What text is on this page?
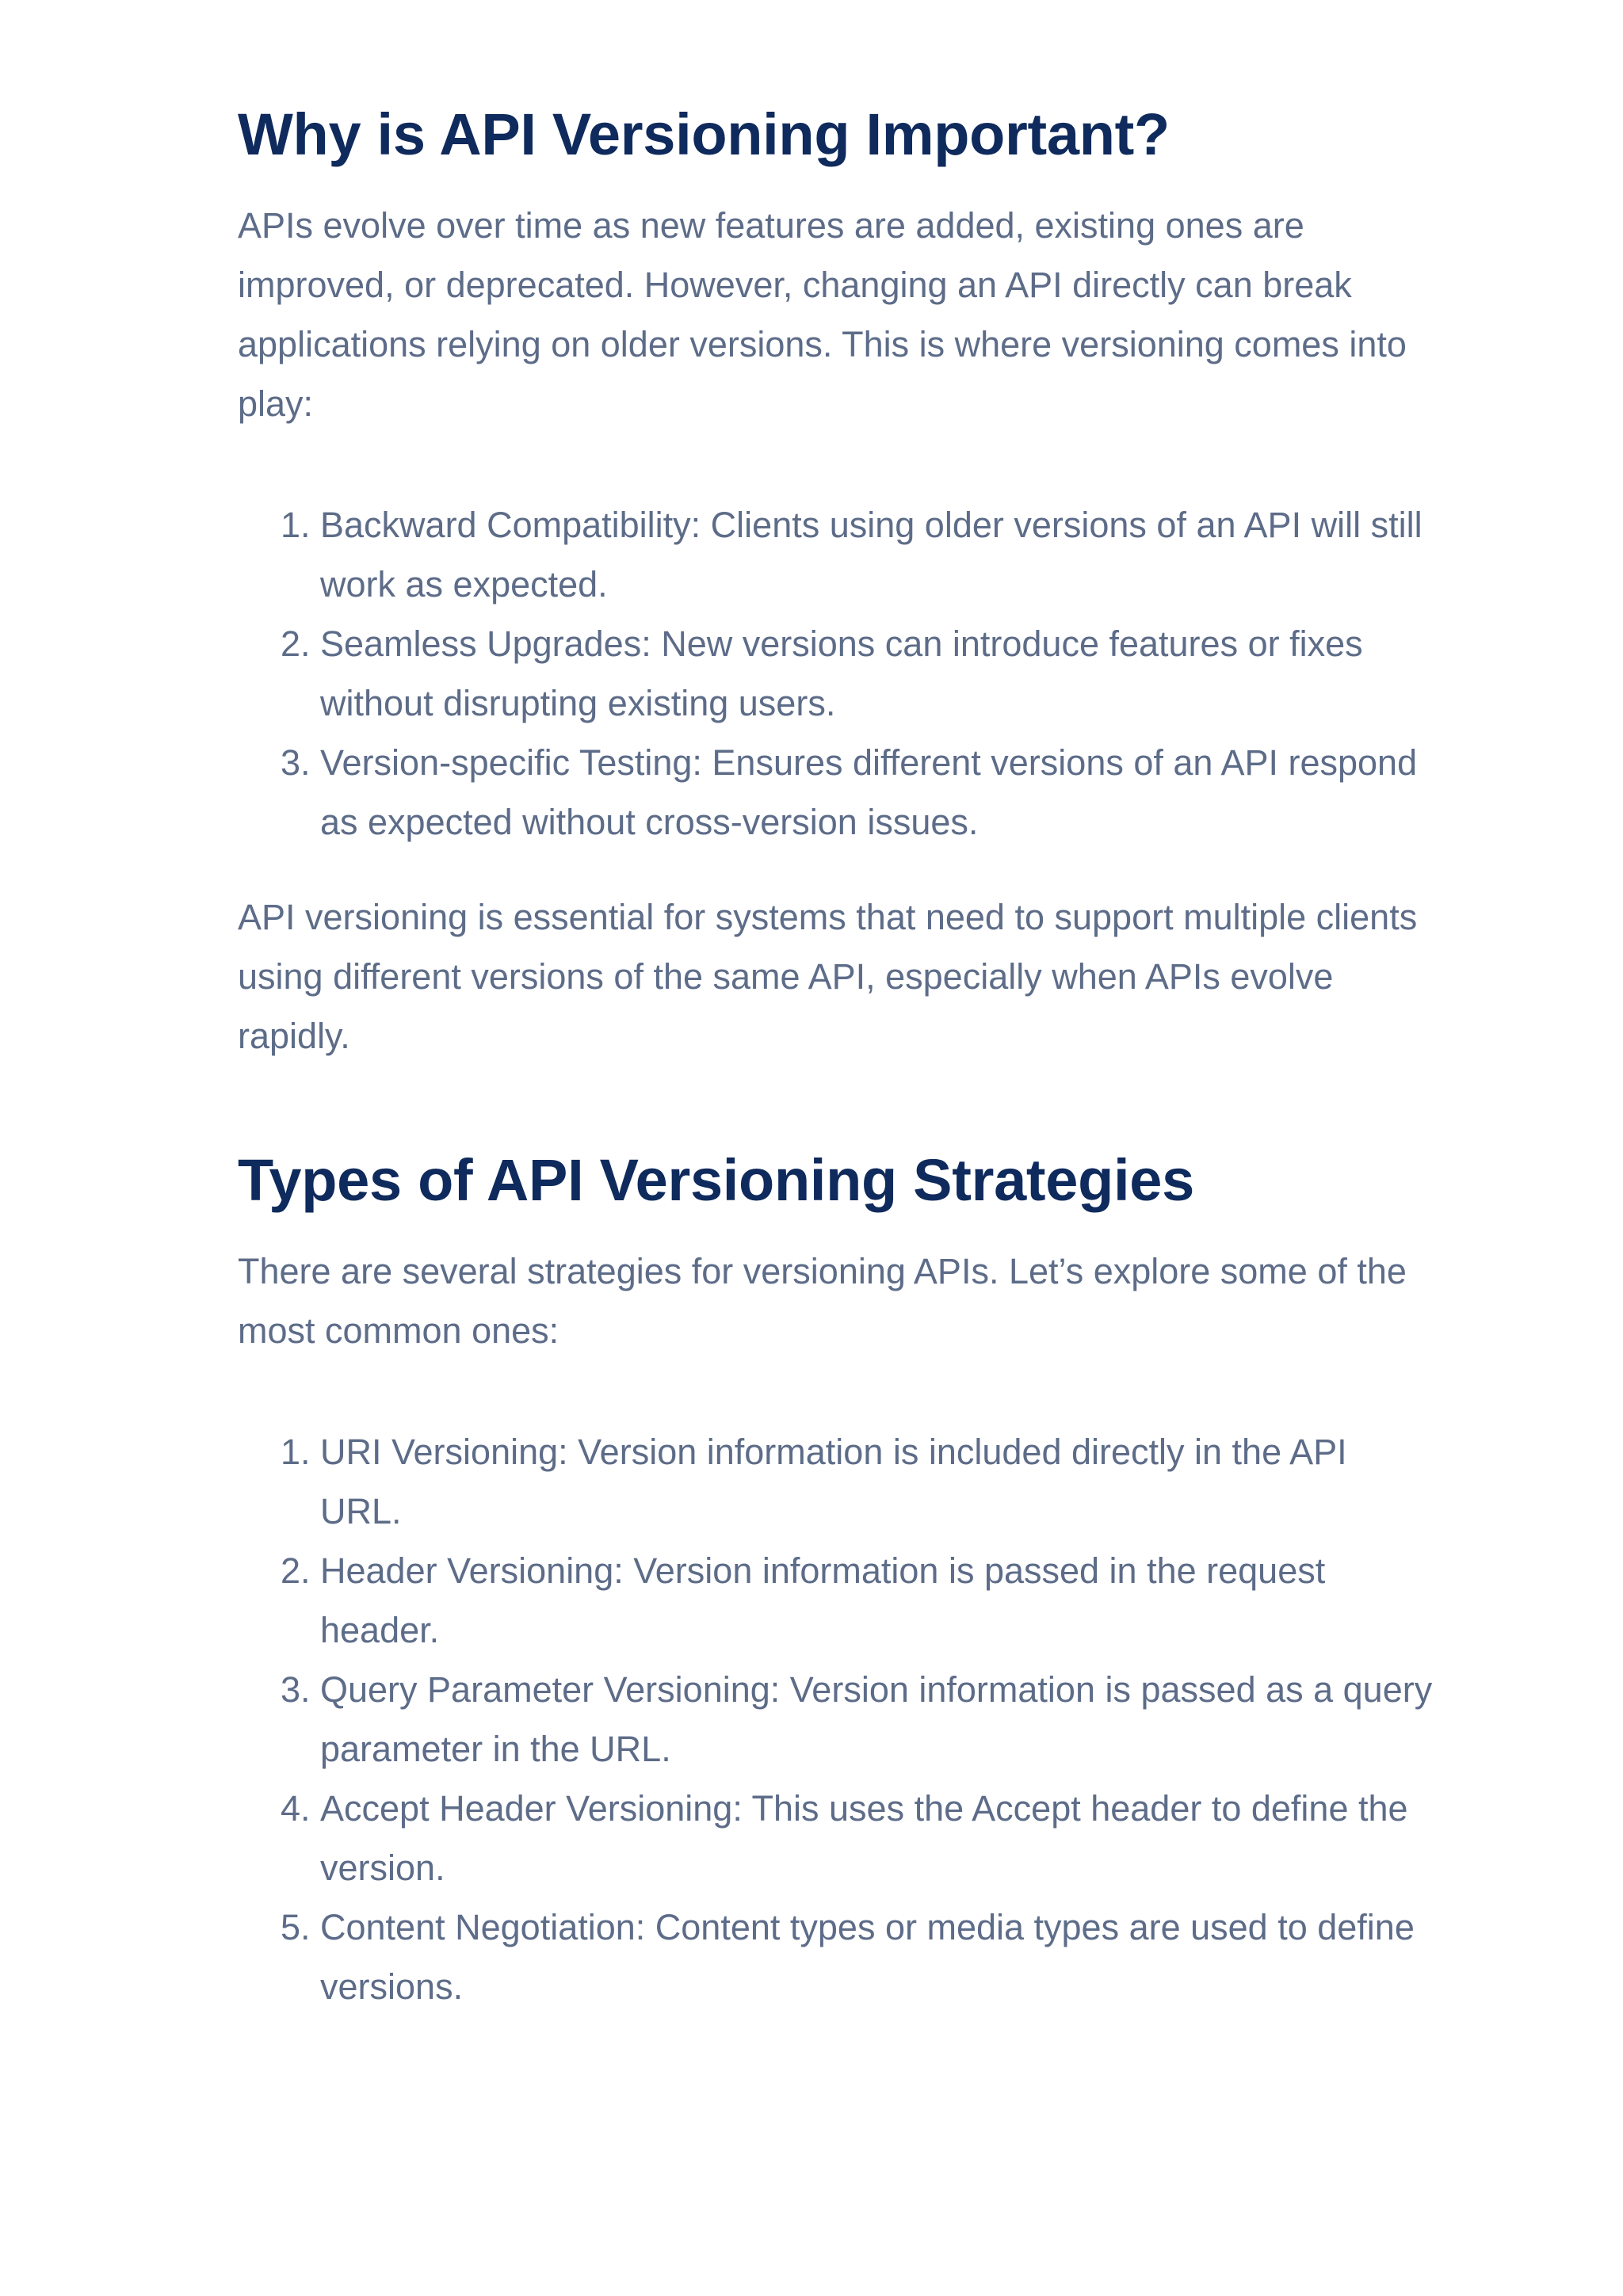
Why is API Versioning Important?

APIs evolve over time as new features are added, existing ones are improved, or deprecated. However, changing an API directly can break applications relying on older versions. This is where versioning comes into play:

1. Backward Compatibility: Clients using older versions of an API will still work as expected.
2. Seamless Upgrades: New versions can introduce features or fixes without disrupting existing users.
3. Version-specific Testing: Ensures different versions of an API respond as expected without cross-version issues.

API versioning is essential for systems that need to support multiple clients using different versions of the same API, especially when APIs evolve rapidly.

Types of API Versioning Strategies

There are several strategies for versioning APIs. Let’s explore some of the most common ones:

1. URI Versioning: Version information is included directly in the API URL.
2. Header Versioning: Version information is passed in the request header.
3. Query Parameter Versioning: Version information is passed as a query parameter in the URL.
4. Accept Header Versioning: This uses the Accept header to define the version.
5. Content Negotiation: Content types or media types are used to define versions.
